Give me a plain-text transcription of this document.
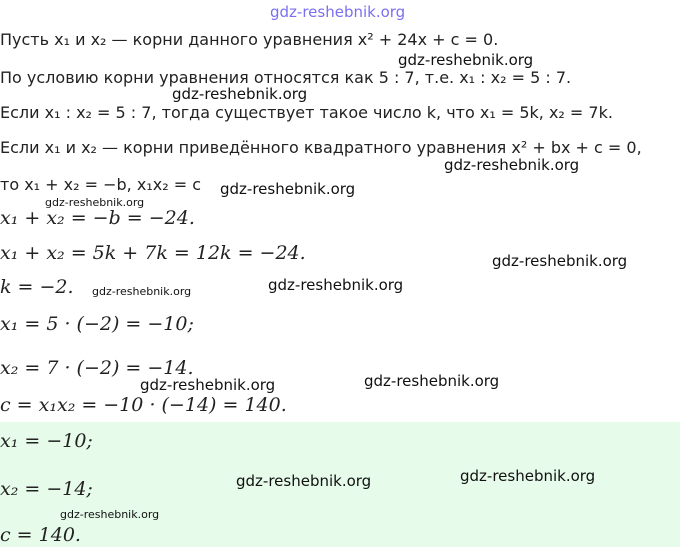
Пусть x₁ и x₂ — корни данного уравнения x² + 24x + c = 0.
По условию корни уравнения относятся как 5 : 7, т.е. x₁ : x₂ = 5 : 7.
Если x₁ : x₂ = 5 : 7, тогда существует такое число k, что x₁ = 5k, x₂ = 7k.
Если x₁ и x₂ — корни приведённого квадратного уравнения x² + bx + c = 0,
то x₁ + x₂ = −b, x₁x₂ = c
x₁ + x₂ = −b = −24.
x₁ + x₂ = 5k + 7k = 12k = −24.
k = −2.
x₁ = 5 · (−2) = −10;
x₂ = 7 · (−2) = −14.
c = x₁x₂ = −10 · (−14) = 140.
x₁ = −10;
x₂ = −14;
c = 140.
gdz-reshebnik.org
gdz-reshebnik.org
gdz-reshebnik.org
gdz-reshebnik.org
gdz-reshebnik.org
gdz-reshebnik.org
gdz-reshebnik.org
gdz-reshebnik.org
gdz-reshebnik.org
gdz-reshebnik.org	gdz-reshebnik.org
gdz-reshebnik.org	gdz-reshebnik.org
gdz-reshebnik.org
